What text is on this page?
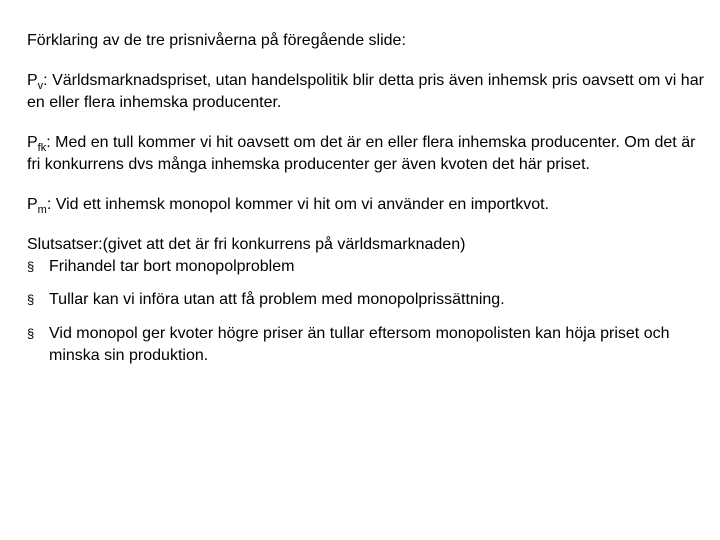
Förklaring av de tre prisnivåerna på föregående slide:

$P_v$: Världsmarknadspriset, utan handelspolitik blir detta pris även inhemsk pris oavsett om vi har en eller flera inhemska producenter.

$P_{fk}$: Med en tull kommer vi hit oavsett om det är en eller flera inhemska producenter. Om det är fri konkurrens dvs många inhemska producenter ger även kvoten det här priset.

$P_m$: Vid ett inhemsk monopol kommer vi hit om vi använder en importkvot.

Slutsatser:(givet att det är fri konkurrens på världsmarknaden)

§ Frihandel tar bort monopolproblem
§ Tullar kan vi införa utan att få problem med monopolprissättning.
§ Vid monopol ger kvoter högre priser än tullar eftersom monopolisten kan höja priset och minska sin produktion.
